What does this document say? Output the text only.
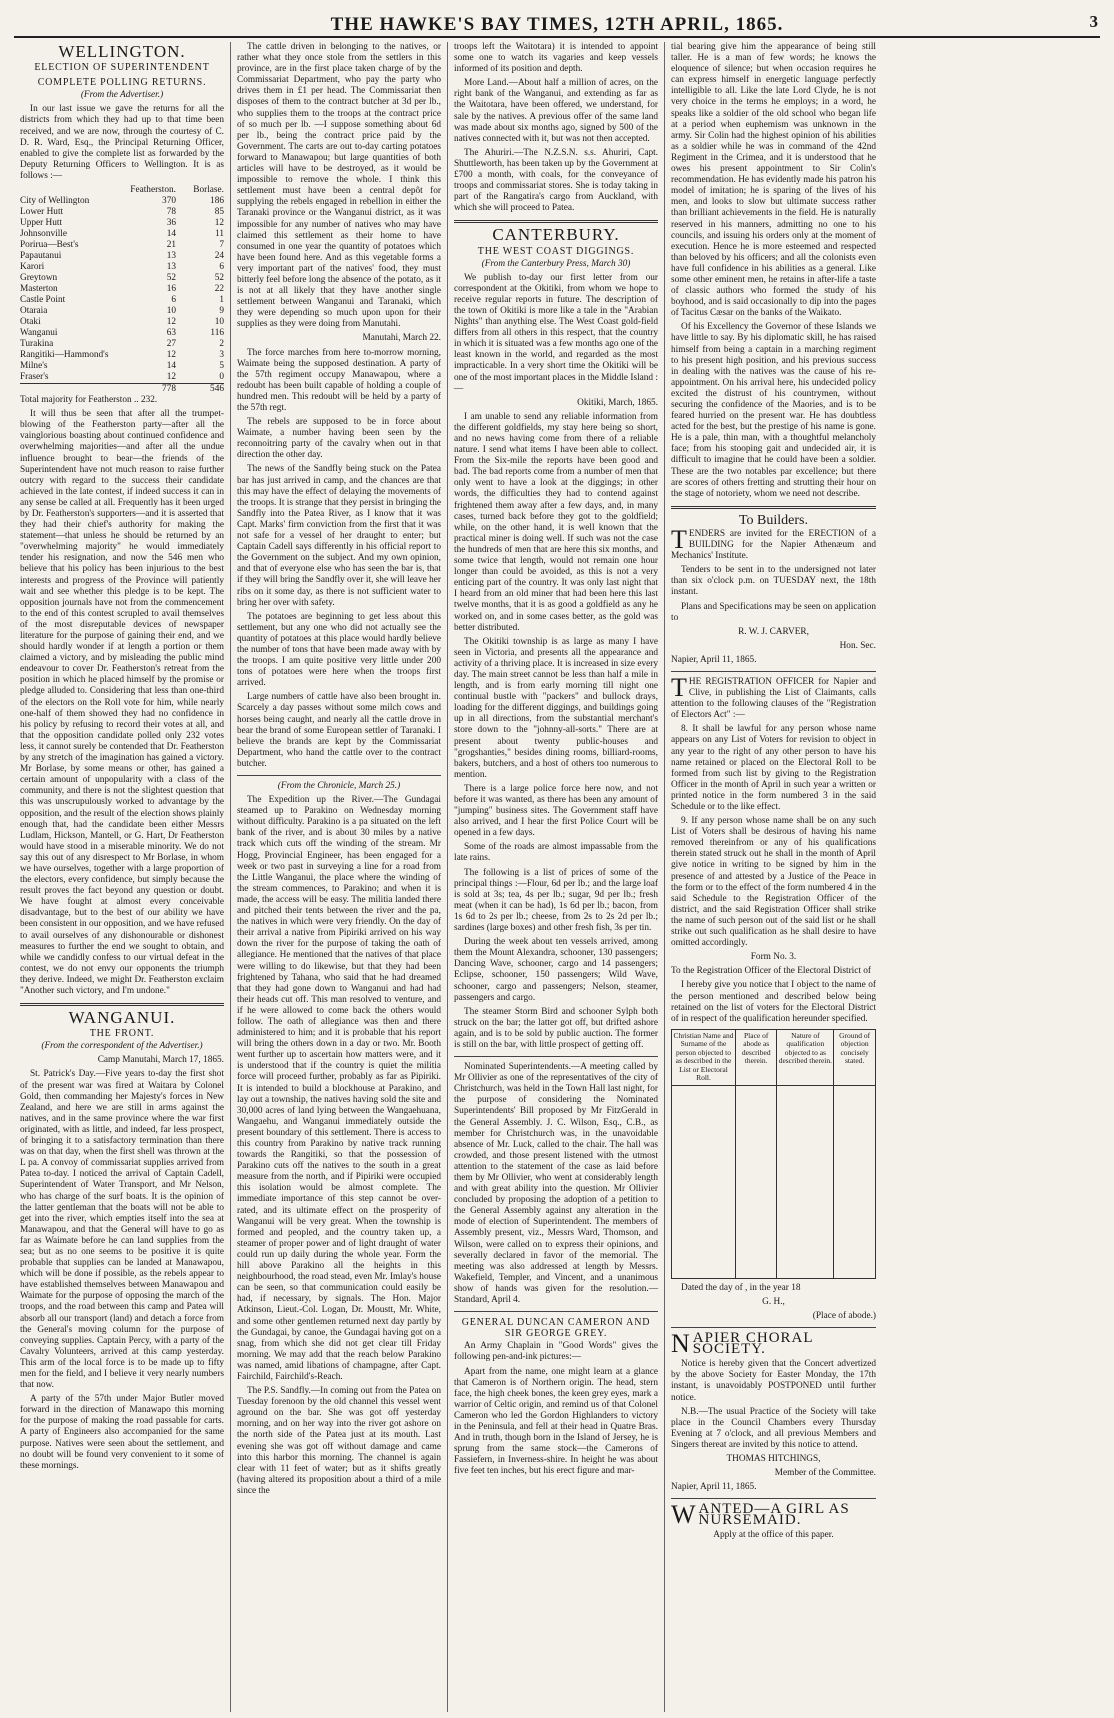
THE HAWKE'S BAY TIMES, 12TH APRIL, 1865.	3
WELLINGTON.
ELECTION OF SUPERINTENDENT
COMPLETE POLLING RETURNS.

(From the Advertiser.)

In our last issue we gave the returns for all the districts from which they had up to that time been received, and we are now, through the courtesy of C. D. R. Ward, Esq., the Principal Returning Officer, enabled to give the complete list as forwarded by the Deputy Returning Officers to Wellington. It is as follows :—

	Featherston.	Borlase.
City of Wellington	370	186
Lower Hutt	78	85
Upper Hutt	36	12
Johnsonville	14	11
Porirua—Best's	21	7
Papautanui	13	24
Karori	13	6
Greytown	52	52
Masterton	16	22
Castle Point	6	1
Otaraia	10	9
Otaki	12	10
Wanganui	63	116
Turakina	27	2
Rangitiki—Hammond's	12	3
Milne's	14	5
Fraser's	12	0
	778	546

Total majority for Featherston .. 232.

It will thus be seen that after all the trumpet-blowing of the Featherston party—after all the vainglorious boasting about continued confidence and overwhelming majorities—and after all the undue influence brought to bear—the friends of the Superintendent have not much reason to raise further outcry with regard to the success their candidate achieved in the late contest, if indeed success it can in any sense be called at all. Frequently has it been urged by Dr. Featherston's supporters—and it is asserted that they had their chief's authority for making the statement—that unless he should be returned by an "overwhelming majority" he would immediately tender his resignation, and now the 546 men who believe that his policy has been injurious to the best interests and progress of the Province will patiently wait and see whether this pledge is to be kept. The opposition journals have not from the commencement to the end of this contest scrupled to avail themselves of the most disreputable devices of newspaper literature for the purpose of gaining their end, and we should hardly wonder if at length a portion or them claimed a victory, and by misleading the public mind endeavour to cover Dr. Featherston's retreat from the position in which he placed himself by the promise or pledge alluded to. Considering that less than one-third of the electors on the Roll vote for him, while nearly one-half of them showed they had no confidence in his policy by refusing to record their votes at all, and that the opposition candidate polled only 232 votes less, it cannot surely be contended that Dr. Featherston by any stretch of the imagination has gained a victory. Mr Borlase, by some means or other, has gained a certain amount of unpopularity with a class of the community, and there is not the slightest question that this was unscrupulously worked to advantage by the opposition, and the result of the election shows plainly enough that, had the candidate been either Messrs Ludlam, Hickson, Mantell, or G. Hart, Dr Featherston would have stood in a miserable minority. We do not say this out of any disrespect to Mr Borlase, in whom we have ourselves, together with a large proportion of the electors, every confidence, but simply because the result proves the fact beyond any question or doubt. We have fought at almost every conceivable disadvantage, but to the best of our ability we have been consistent in our opposition, and we have refused to avail ourselves of any dishonourable or dishonest measures to further the end we sought to obtain, and while we candidly confess to our virtual defeat in the contest, we do not envy our opponents the triumph they derive. Indeed, we might Dr. Featherston exclaim "Another such victory, and I'm undone."

WANGANUI.
THE FRONT.

(From the correspondent of the Advertiser.)

Camp Manutahi, March 17, 1865.

St. Patrick's Day.—Five years to-day the first shot of the present war was fired at Waitara by Colonel Gold, then commanding her Majesty's forces in New Zealand, and here we are still in arms against the natives, and in the same province where the war first originated, with as little, and indeed, far less prospect, of bringing it to a satisfactory termination than there was on that day, when the first shell was thrown at the L pa. A convoy of commissariat supplies arrived from Patea to-day. I noticed the arrival of Captain Cadell, Superintendent of Water Transport, and Mr Nelson, who has charge of the surf boats. It is the opinion of the latter gentleman that the boats will not be able to get into the river, which empties itself into the sea at Manawapou, and that the General will have to go as far as Waimate before he can land supplies from the sea; but as no one seems to be positive it is quite probable that supplies can be landed at Manawapou, which will be done if possible, as the rebels appear to have established themselves between Manawapou and Waimate for the purpose of opposing the march of the troops, and the road between this camp and Patea will absorb all our transport (land) and detach a force from the General's moving column for the purpose of conveying supplies. Captain Percy, with a party of the Cavalry Volunteers, arrived at this camp yesterday. This arm of the local force is to be made up to fifty men for the field, and I believe it very nearly numbers that now.

A party of the 57th under Major Butler moved forward in the direction of Manawapo this morning for the purpose of making the road passable for carts. A party of Engineers also accompanied for the same purpose. Natives were seen about the settlement, and no doubt will be found very convenient to it some of these mornings.

The cattle driven in belonging to the natives, or rather what they once stole from the settlers in this province, are in the first place taken charge of by the Commissariat Department, who pay the party who drives them in £1 per head. The Commissariat then disposes of them to the contract butcher at 3d per lb., who supplies them to the troops at the contract price of so much per lb. —I suppose something about 6d per lb., being the contract price paid by the Government. The carts are out to-day carting potatoes forward to Manawapou; but large quantities of both articles will have to be destroyed, as it would be impossible to remove the whole. I think this settlement must have been a central depôt for supplying the rebels engaged in rebellion in either the Taranaki province or the Wanganui district, as it was impossible for any number of natives who may have claimed this settlement as their home to have consumed in one year the quantity of potatoes which have been found here. And as this vegetable forms a very important part of the natives' food, they must bitterly feel before long the absence of the potato, as it is not at all likely that they have another single settlement between Wanganui and Taranaki, which they were depending so much upon upon for their supplies as they were doing from Manutahi.

Manutahi, March 22.

The force marches from here to-morrow morning, Waimate being the supposed destination. A party of the 57th regiment occupy Manawapou, where a redoubt has been built capable of holding a couple of hundred men. This redoubt will be held by a party of the 57th regt.

The rebels are supposed to be in force about Waimate, a number having been seen by the reconnoitring party of the cavalry when out in that direction the other day.

The news of the Sandfly being stuck on the Patea bar has just arrived in camp, and the chances are that this may have the effect of delaying the movements of the troops. It is strange that they persist in bringing the Sandfly into the Patea River, as I know that it was Capt. Marks' firm conviction from the first that it was not safe for a vessel of her draught to enter; but Captain Cadell says differently in his official report to the Government on the subject. And my own opinion, and that of everyone else who has seen the bar is, that if they will bring the Sandfly over it, she will leave her ribs on it some day, as there is not sufficient water to bring her over with safety.

The potatoes are beginning to get less about this settlement, but any one who did not actually see the quantity of potatoes at this place would hardly believe the number of tons that have been made away with by the troops. I am quite positive very little under 200 tons of potatoes were here when the troops first arrived.

Large numbers of cattle have also been brought in. Scarcely a day passes without some milch cows and horses being caught, and nearly all the cattle drove in bear the brand of some European settler of Taranaki. I believe the brands are kept by the Commissariat Department, who hand the cattle over to the contract butcher.

(From the Chronicle, March 25.)

The Expedition up the River.—The Gundagai steamed up to Parakino on Wednesday morning without difficulty. Parakino is a pa situated on the left bank of the river, and is about 30 miles by a native track which cuts off the winding of the stream. Mr Hogg, Provincial Engineer, has been engaged for a week or two past in surveying a line for a road from the Little Wanganui, the place where the winding of the stream commences, to Parakino; and when it is made, the access will be easy. The militia landed there and pitched their tents between the river and the pa, the natives in which were very friendly. On the day of their arrival a native from Pipiriki arrived on his way down the river for the purpose of taking the oath of allegiance. He mentioned that the natives of that place were willing to do likewise, but that they had been frightened by Tahana, who said that he had dreamed that they had gone down to Wanganui and had had their heads cut off. This man resolved to venture, and if he were allowed to come back the others would follow. The oath of allegiance was then and there administered to him; and it is probable that his report will bring the others down in a day or two. Mr. Booth went further up to ascertain how matters were, and it is understood that if the country is quiet the militia force will proceed further, probably as far as Pipiriki. It is intended to build a blockhouse at Parakino, and lay out a township, the natives having sold the site and 30,000 acres of land lying between the Wangaehuana, Wangaehu, and Wanganui immediately outside the present boundary of this settlement. There is access to this country from Parakino by native track running towards the Rangitiki, so that the possession of Parakino cuts off the natives to the south in a great measure from the north, and if Pipiriki were occupied this isolation would be almost complete. The immediate importance of this step cannot be over-rated, and its ultimate effect on the prosperity of Wanganui will be very great. When the township is formed and peopled, and the country taken up, a steamer of proper power and of light draught of water could run up daily during the whole year. Form the hill above Parakino all the heights in this neighbourhood, the road stead, even Mr. Imlay's house can be seen, so that communication could easily be had, if necessary, by signals. The Hon. Major Atkinson, Lieut.-Col. Logan, Dr. Moustt, Mr. White, and some other gentlemen returned next day partly by the Gundagai, by canoe, the Gundagai having got on a snag, from which she did not get clear till Friday morning. We may add that the reach below Parakino was named, amid libations of champagne, after Capt. Fairchild, Fairchild's-Reach.

The P.S. Sandfly.—In coming out from the Patea on Tuesday forenoon by the old channel this vessel went aground on the bar. She was got off yesterday morning, and on her way into the river got ashore on the north side of the Patea just at its mouth. Last evening she was got off without damage and came into this harbor this morning. The channel is again clear with 11 feet of water; but as it shifts greatly (having altered its proposition about a third of a mile since the

troops left the Waitotara) it is intended to appoint some one to watch its vagaries and keep vessels informed of its position and depth.

More Land.—About half a million of acres, on the right bank of the Wanganui, and extending as far as the Waitotara, have been offered, we understand, for sale by the natives. A previous offer of the same land was made about six months ago, signed by 500 of the natives connected with it, but was not then accepted.

The Ahuriri.—The N.Z.S.N. s.s. Ahuriri, Capt. Shuttleworth, has been taken up by the Government at £700 a month, with coals, for the conveyance of troops and commissariat stores. She is today taking in part of the Rangatira's cargo from Auckland, with which she will proceed to Patea.

CANTERBURY.
THE WEST COAST DIGGINGS.

(From the Canterbury Press, March 30)

We publish to-day our first letter from our correspondent at the Okitiki, from whom we hope to receive regular reports in future. The description of the town of Okitiki is more like a tale in the "Arabian Nights" than anything else. The West Coast gold-field differs from all others in this respect, that the country in which it is situated was a few months ago one of the least known in the world, and regarded as the most impracticable. In a very short time the Okitiki will be one of the most important places in the Middle Island :—

Okitiki, March, 1865.

I am unable to send any reliable information from the different goldfields, my stay here being so short, and no news having come from there of a reliable nature. I send what items I have been able to collect. From the Six-mile the reports have been good and bad. The bad reports come from a number of men that only went to have a look at the diggings; in other words, the difficulties they had to contend against frightened them away after a few days, and, in many cases, turned back before they got to the goldfield; while, on the other hand, it is well known that the practical miner is doing well. If such was not the case the hundreds of men that are here this six months, and some twice that length, would not remain one hour longer than could be avoided, as this is not a very enticing part of the country. It was only last night that I heard from an old miner that had been here this last twelve months, that it is as good a goldfield as any he worked on, and in some cases better, as the gold was better distributed.

The Okitiki township is as large as many I have seen in Victoria, and presents all the appearance and activity of a thriving place. It is increased in size every day. The main street cannot be less than half a mile in length, and is from early morning till night one continual bustle with "packers" and bullock drays, loading for the different diggings, and buildings going up in all directions, from the substantial merchant's store down to the "johnny-all-sorts." There are at present about twenty public-houses and "grogshanties," besides dining rooms, billiard-rooms, bakers, butchers, and a host of others too numerous to mention.

There is a large police force here now, and not before it was wanted, as there has been any amount of "jumping" business sites. The Government staff have also arrived, and I hear the first Police Court will be opened in a few days.

Some of the roads are almost impassable from the late rains.

The following is a list of prices of some of the principal things :—Flour, 6d per lb.; and the large loaf is sold at 3s; tea, 4s per lb.; sugar, 9d per lb.; fresh meat (when it can be had), 1s 6d per lb.; bacon, from 1s 6d to 2s per lb.; cheese, from 2s to 2s 2d per lb.; sardines (large boxes) and other fresh fish, 3s per tin.

During the week about ten vessels arrived, among them the Mount Alexandra, schooner, 130 passengers; Dancing Wave, schooner, cargo and 14 passengers; Eclipse, schooner, 150 passengers; Wild Wave, schooner, cargo and passengers; Nelson, steamer, passengers and cargo.

The steamer Storm Bird and schooner Sylph both struck on the bar; the latter got off, but drifted ashore again, and is to be sold by public auction. The former is still on the bar, with little prospect of getting off.

Nominated Superintendents.—A meeting called by Mr Ollivier as one of the representatives of the city of Christchurch, was held in the Town Hall last night, for the purpose of considering the Nominated Superintendents' Bill proposed by Mr FitzGerald in the General Assembly. J. C. Wilson, Esq., C.B., as member for Christchurch was, in the unavoidable absence of Mr. Luck, called to the chair. The hall was crowded, and those present listened with the utmost attention to the statement of the case as laid before them by Mr Ollivier, who went at considerably length and with great ability into the question. Mr Ollivier concluded by proposing the adoption of a petition to the General Assembly against any alteration in the mode of election of Superintendent. The members of Assembly present, viz., Messrs Ward, Thomson, and Wilson, were called on to express their opinions, and severally declared in favor of the memorial. The meeting was also addressed at length by Messrs. Wakefield, Templer, and Vincent, and a unanimous show of hands was given for the resolution.—Standard, April 4.

GENERAL DUNCAN CAMERON AND SIR GEORGE GREY.

An Army Chaplain in "Good Words" gives the following pen-and-ink pictures:—

Apart from the name, one might learn at a glance that Cameron is of Northern origin. The head, stern face, the high cheek bones, the keen grey eyes, mark a warrior of Celtic origin, and remind us of that Colonel Cameron who led the Gordon Highlanders to victory in the Peninsula, and fell at their head in Quatre Bras. And in truth, though born in the Island of Jersey, he is sprung from the same stock—the Camerons of Fassiefern, in Inverness-shire. In height he was about five feet ten inches, but his erect figure and mar-

tial bearing give him the appearance of being still taller. He is a man of few words; he knows the eloquence of silence; but when occasion requires he can express himself in energetic language perfectly intelligible to all. Like the late Lord Clyde, he is not very choice in the terms he employs; in a word, he speaks like a soldier of the old school who began life at a period when euphemism was unknown in the army. Sir Colin had the highest opinion of his abilities as a soldier while he was in command of the 42nd Regiment in the Crimea, and it is understood that he owes his present appointment to Sir Colin's recommendation. He has evidently made his patron his model of imitation; he is sparing of the lives of his men, and looks to slow but ultimate success rather than brilliant achievements in the field. He is naturally reserved in his manners, admitting no one to his councils, and issuing his orders only at the moment of execution. Hence he is more esteemed and respected than beloved by his officers; and all the colonists even have full confidence in his abilities as a general. Like some other eminent men, he retains in after-life a taste of classic authors who formed the study of his boyhood, and is said occasionally to dip into the pages of Tacitus Cæsar on the banks of the Waikato.

Of his Excellency the Governor of these Islands we have little to say. By his diplomatic skill, he has raised himself from being a captain in a marching regiment to his present high position, and his previous success in dealing with the natives was the cause of his re-appointment. On his arrival here, his undecided policy excited the distrust of his countrymen, without securing the confidence of the Maories, and is to be feared hurried on the present war. He has doubtless acted for the best, but the prestige of his name is gone. He is a pale, thin man, with a thoughtful melancholy face; from his stooping gait and undecided air, it is difficult to imagine that he could have been a soldier. These are the two notables par excellence; but there are scores of others fretting and strutting their hour on the stage of notoriety, whom we need not describe.

To Builders.

TENDERS are invited for the ERECTION of a BUILDING for the Napier Athenæum and Mechanics' Institute.

Tenders to be sent in to the undersigned not later than six o'clock p.m. on TUESDAY next, the 18th instant.

Plans and Specifications may be seen on application to

R. W. J. CARVER,

Hon. Sec.

Napier, April 11, 1865.

THE REGISTRATION OFFICER for Napier and Clive, in publishing the List of Claimants, calls attention to the following clauses of the "Registration of Electors Act" :—

8. It shall be lawful for any person whose name appears on any List of Voters for revision to object in any year to the right of any other person to have his name retained or placed on the Electoral Roll to be formed from such list by giving to the Registration Officer in the month of April in such year a written or printed notice in the form numbered 3 in the said Schedule or to the like effect.

9. If any person whose name shall be on any such List of Voters shall be desirous of having his name removed thereinfrom or any of his qualifications therein stated struck out he shall in the month of April give notice in writing to be signed by him in the presence of and attested by a Justice of the Peace in the form or to the effect of the form numbered 4 in the said Schedule to the Registration Officer of the district, and the said Registration Officer shall strike the name of such person out of the said list or he shall strike out such qualification as he shall desire to have omitted accordingly.

Form No. 3.

To the Registration Officer of the Electoral District of

I hereby give you notice that I object to the name of the person mentioned and described below being retained on the list of voters for the Electoral District of in respect of the qualification hereunder specified.

Christian Name and Surname of the person objected to as described in the List or Electoral Roll.	Place of abode as described therein.	Nature of qualification objected to as described therein.	Ground of objection concisely stated.

Dated the day of , in the year 18

G. H.,

(Place of abode.)

NAPIER CHORAL SOCIETY.

Notice is hereby given that the Concert advertized by the above Society for Easter Monday, the 17th instant, is unavoidably POSTPONED until further notice.

N.B.—The usual Practice of the Society will take place in the Council Chambers every Thursday Evening at 7 o'clock, and all previous Members and Singers thereat are invited by this notice to attend.

THOMAS HITCHINGS,

Member of the Committee.

Napier, April 11, 1865.

WANTED—A GIRL AS NURSEMAID.

Apply at the office of this paper.
